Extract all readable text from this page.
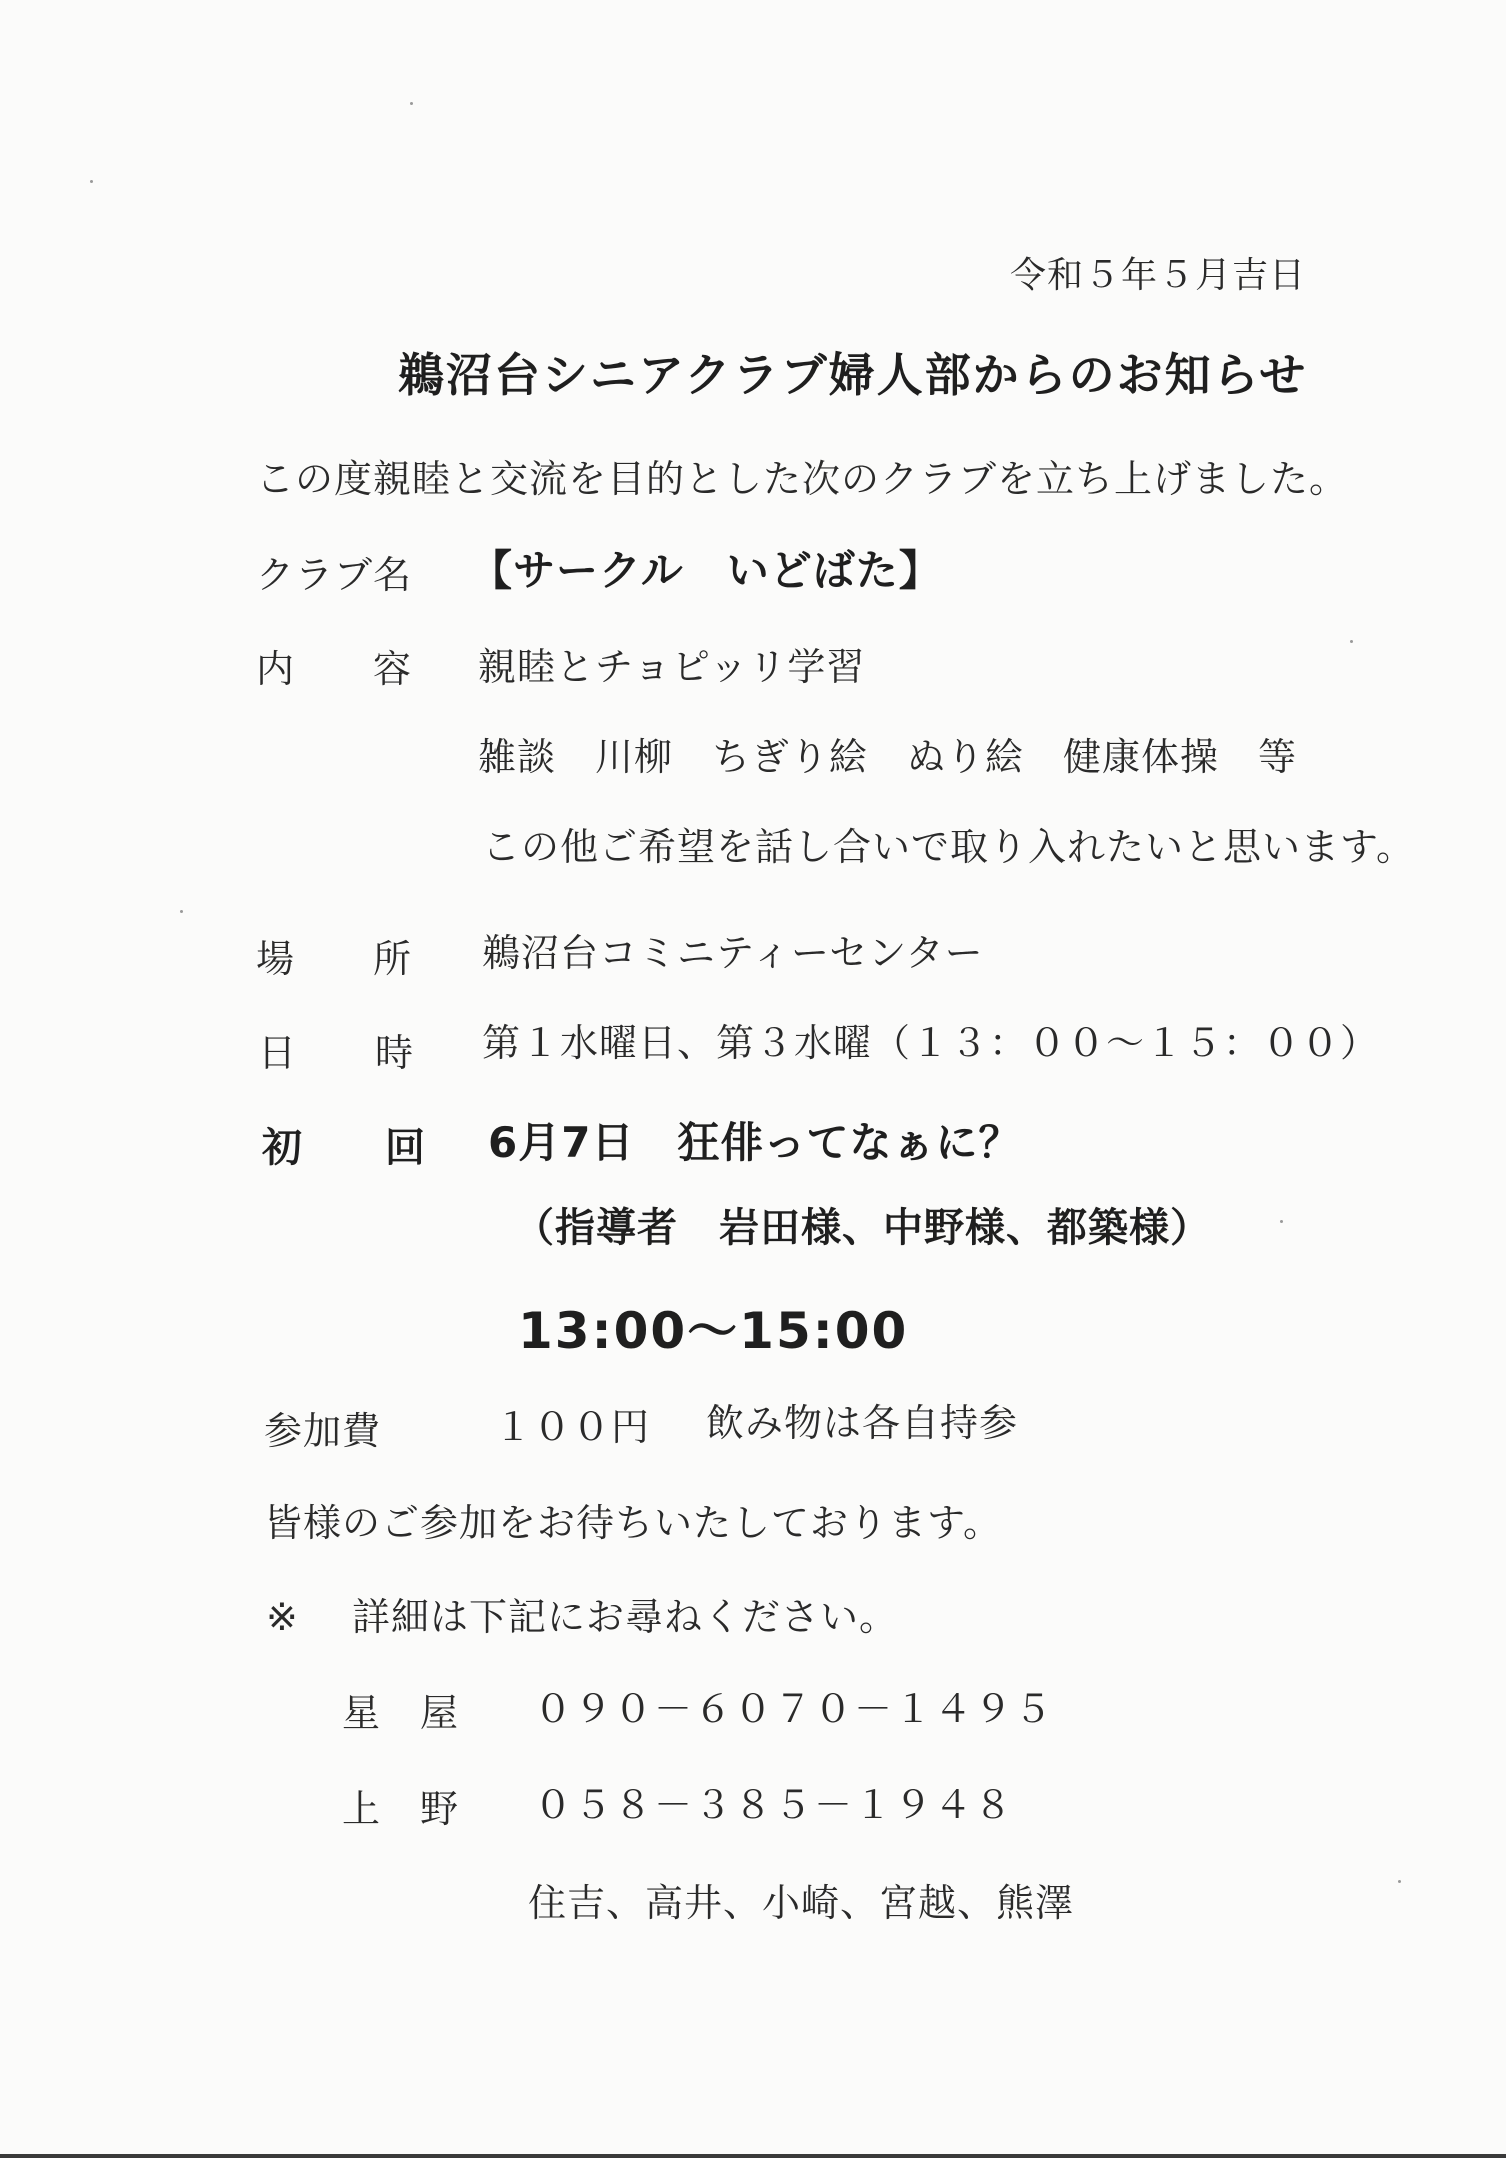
令和５年５月吉日
鵜沼台シニアクラブ婦人部からのお知らせ
この度親睦と交流を目的とした次のクラブを立ち上げました。
クラブ名 【サークル　いどばた】
内　　容 親睦とチョピッリ学習
雑談　川柳　ちぎり絵　ぬり絵　健康体操　等
この他ご希望を話し合いで取り入れたいと思います。
場　　所 鵜沼台コミニティーセンター
日　　時 第１水曜日、第３水曜（１３：００～１５：００）
初　　回 6月7日　狂俳ってなぁに？
（指導者　岩田様、中野様、都築様）
13:00～15:00
参加費	１００円 飲み物は各自持参
皆様のご参加をお待ちいたしております。
※ 詳細は下記にお尋ねください。
星　屋 ０９０－６０７０－１４９５
上　野 ０５８－３８５－１９４８
住吉、高井、小崎、宮越、熊澤
